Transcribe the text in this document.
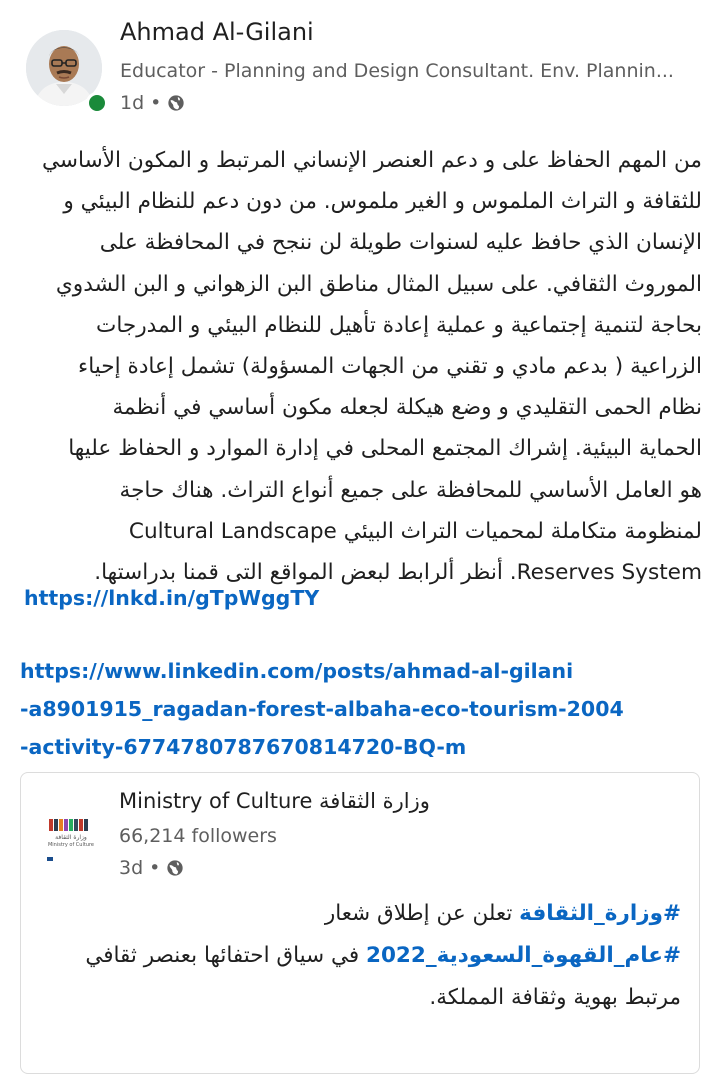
Ahmad Al-Gilani
Educator - Planning and Design Consultant. Env. Plannin...
1d •

من المهم الحفاظ على و دعم العنصر الإنساني المرتبط و المكون الأساسي

للثقافة و التراث الملموس و الغير ملموس. من دون دعم للنظام البيئي و

الإنسان الذي حافظ عليه لسنوات طويلة لن ننجح في المحافظة على

الموروث الثقافي. على سبيل المثال مناطق البن الزهواني و البن الشدوي

بحاجة لتنمية إجتماعية و عملية إعادة تأهيل للنظام البيئي و المدرجات

الزراعية ( بدعم مادي و تقني من الجهات المسؤولة) تشمل إعادة إحياء

نظام الحمى التقليدي و وضع هيكلة لجعله مكون أساسي في أنظمة

الحماية البيئية. إشراك المجتمع المحلى في إدارة الموارد و الحفاظ عليها

هو العامل الأساسي للمحافظة على جميع أنواع التراث. هناك حاجة

لمنظومة متكاملة لمحميات التراث البيئي Cultural Landscape

Reserves System. أنظر ألرابط لبعض المواقع التى قمنا بدراستها.

https://lnkd.in/gTpWggTY
https://www.linkedin.com/posts/ahmad-al-gilani
-a8901915_ragadan-forest-albaha-eco-tourism-2004
-activity-6774780787670814720-BQ-m
وزارة الثقافة
Ministry of Culture
Ministry of Culture وزارة الثقافة
66,214 followers
3d •

#وزارة_الثقافة تعلن عن إطلاق شعار

#عام_القهوة_السعودية_2022 في سياق احتفائها بعنصر ثقافي

مرتبط بهوية وثقافة المملكة.
